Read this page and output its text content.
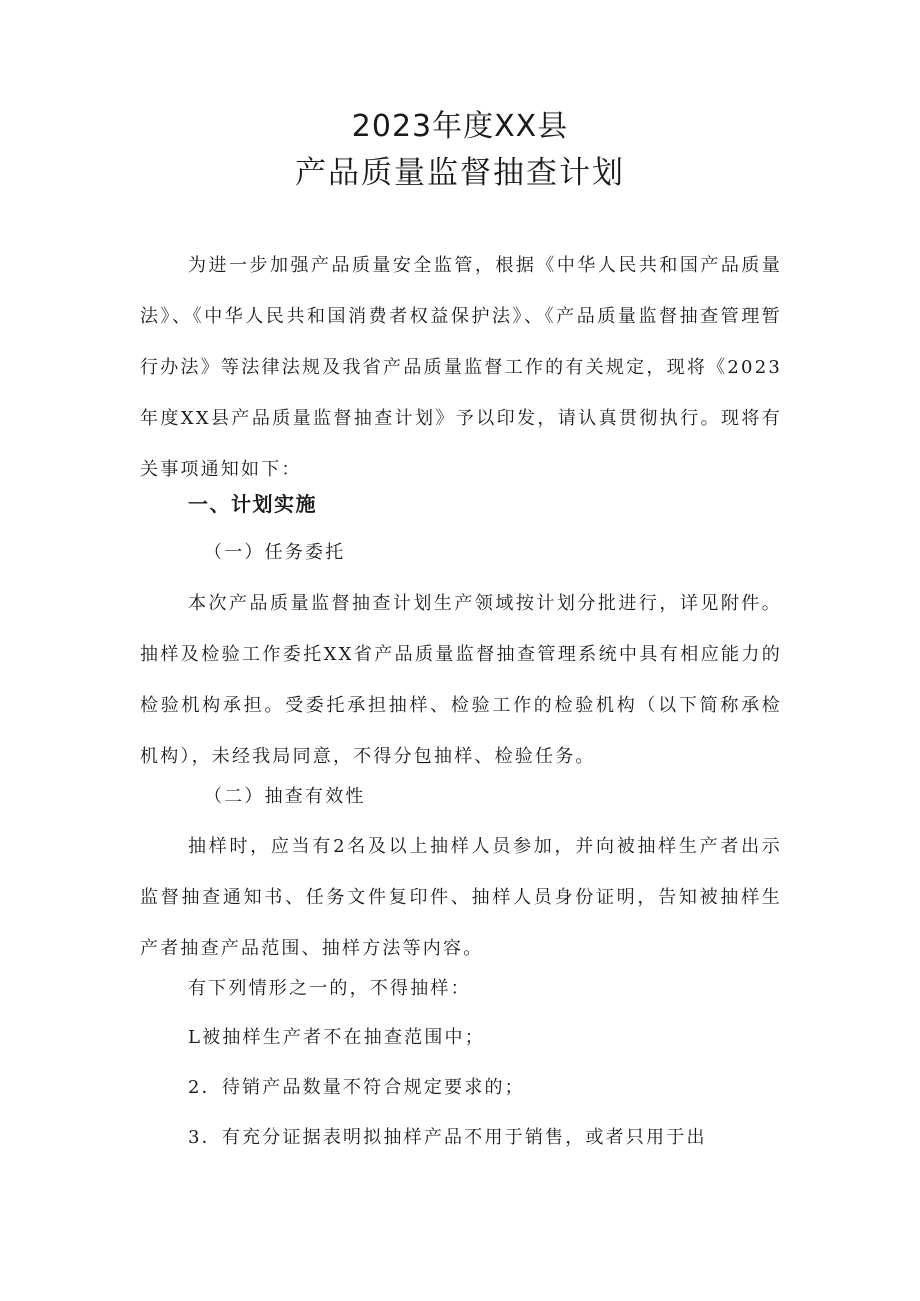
2023年度XX县
产品质量监督抽查计划
为进一步加强产品质量安全监管，根据《中华人民共和国产品质量法》、《中华人民共和国消费者权益保护法》、《产品质量监督抽查管理暂行办法》等法律法规及我省产品质量监督工作的有关规定，现将《2023年度XX县产品质量监督抽查计划》予以印发，请认真贯彻执行。现将有关事项通知如下：
一、计划实施
（一）任务委托
本次产品质量监督抽查计划生产领域按计划分批进行，详见附件。抽样及检验工作委托XX省产品质量监督抽查管理系统中具有相应能力的检验机构承担。受委托承担抽样、检验工作的检验机构（以下简称承检机构），未经我局同意，不得分包抽样、检验任务。
（二）抽查有效性
抽样时，应当有2名及以上抽样人员参加，并向被抽样生产者出示监督抽查通知书、任务文件复印件、抽样人员身份证明，告知被抽样生产者抽查产品范围、抽样方法等内容。
有下列情形之一的，不得抽样：
L被抽样生产者不在抽查范围中；
2．待销产品数量不符合规定要求的；
3．有充分证据表明拟抽样产品不用于销售，或者只用于出
